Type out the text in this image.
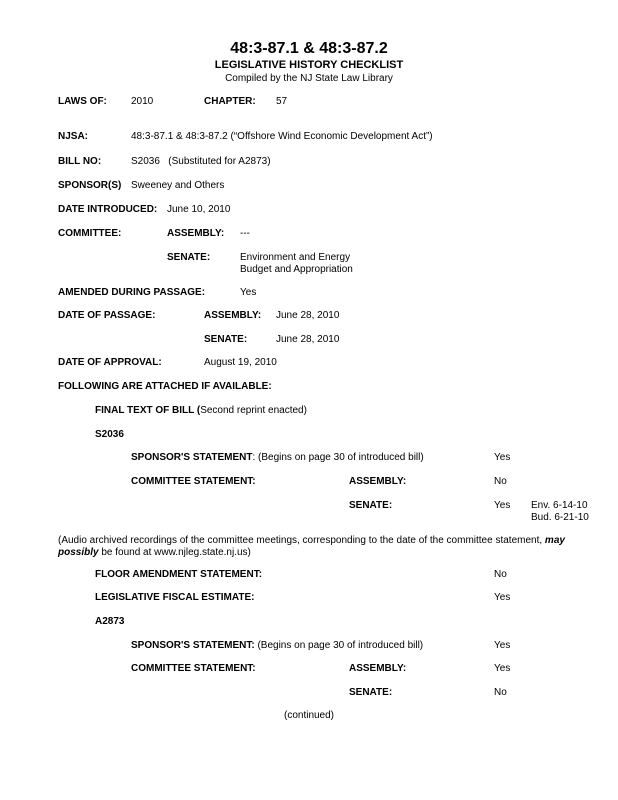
48:3-87.1 & 48:3-87.2
LEGISLATIVE HISTORY CHECKLIST
Compiled by the NJ State Law Library
LAWS OF: 2010	CHAPTER: 57
NJSA:	48:3-87.1 & 48:3-87.2 (“Offshore Wind Economic Development Act”)
BILL NO:	S2036   (Substituted for A2873)
SPONSOR(S) Sweeney and Others
DATE INTRODUCED: June 10, 2010
COMMITTEE:	ASSEMBLY: ---
SENATE:	Environment and Energy
Budget and Appropriation
AMENDED DURING PASSAGE:	Yes
DATE OF PASSAGE:	ASSEMBLY: June 28, 2010
SENATE:	June 28, 2010
DATE OF APPROVAL:	August 19, 2010
FOLLOWING ARE ATTACHED IF AVAILABLE:
FINAL TEXT OF BILL (Second reprint enacted)
S2036
SPONSOR'S STATEMENT: (Begins on page 30 of introduced bill)	Yes
COMMITTEE STATEMENT:	ASSEMBLY:	No
SENATE:	Yes Env. 6-14-10
Bud. 6-21-10
(Audio archived recordings of the committee meetings, corresponding to the date of the committee statement, may possibly be found at www.njleg.state.nj.us)
FLOOR AMENDMENT STATEMENT:	No
LEGISLATIVE FISCAL ESTIMATE:	Yes
A2873
SPONSOR'S STATEMENT: (Begins on page 30 of introduced bill)	Yes
COMMITTEE STATEMENT:	ASSEMBLY:	Yes
SENATE:	No
(continued)
